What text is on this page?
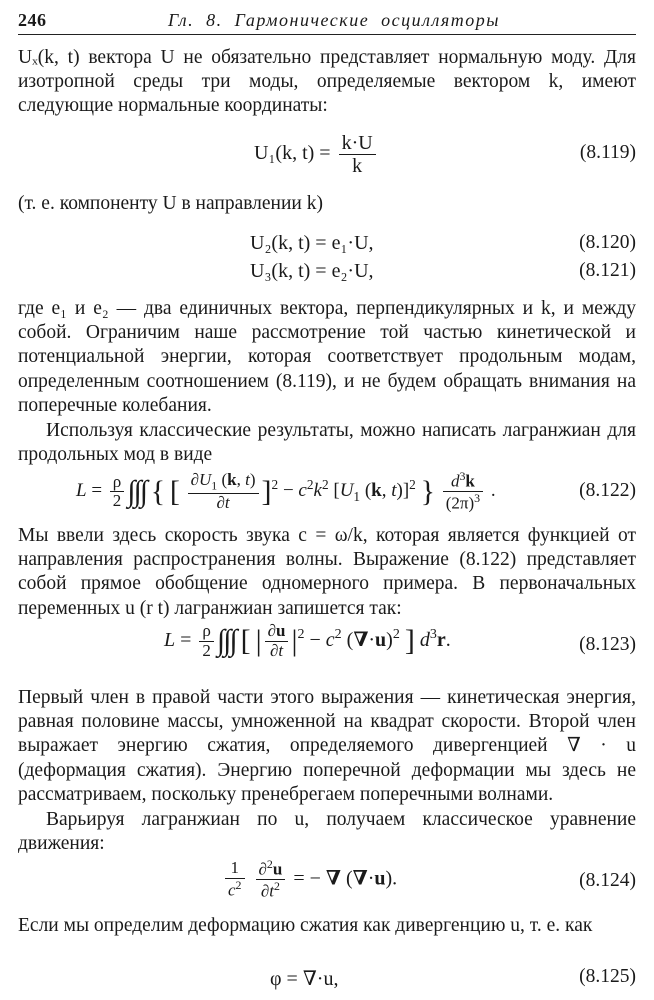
246	Гл. 8. Гармонические осцилляторы
Uₓ(k, t) вектора U не обязательно представляет нормальную моду. Для изотропной среды три моды, определяемые вектором k, имеют следующие нормальные координаты:
U₁(k, $t) = \frac{k\cdot U}{k}$	(8.119)
(т. е. компоненту U в направлении k)
U₂(k, t) = e₁·U,	(8.120)
U₃(k, t) = e₂·U,	(8.121)
где e₁ и e₂ — два единичных вектора, перпендикулярных и k, и между собой. Ограничим наше рассмотрение той частью кинетической и потенциальной энергии, которая соответствует продольным модам, определенным соотношением (8.119), и не будем обращать внимания на поперечные колебания.
Используя классические результаты, можно написать лагранжиан для продольных мод в виде
$L = \frac{\rho}{2}$ ∫∫∫ { [ $\frac{\partial U_1 (k, t)}{\partial t} ]^2 - c^2k^2$ [$U_1$ (k, t)]$^2$ } $\frac{d^3k}{(2\pi)^3}$ .	(8.122)
Мы ввели здесь скорость звука c = ω/k, которая является функцией от направления распространения волны. Выражение (8.122) представляет собой прямое обобщение одномерного примера. В первоначальных переменных u (r t) лагранжиан запишется так:
$L = \frac{\rho}{2}$ ∫∫∫ [ | $\frac{\partial u}{\partial t} |^2 - c^2$ $(\nabla\cdot u)^2$ ] $d^3r$.	(8.123)
Первый член в правой части этого выражения — кинетическая энергия, равная половине массы, умноженной на квадрат скорости. Второй член выражает энергию сжатия, определяемого дивергенцией ∇ · u (деформация сжатия). Энергию поперечной деформации мы здесь не рассматриваем, поскольку пренебрегаем поперечными волнами.
Варьируя лагранжиан по u, получаем классическое уравнение движения:
$\frac{1}{c^2}$
$\frac{\partial^2u}{\partial t^2}$ = − ∇ (∇·u).	(8.124)
Если мы определим деформацию сжатия как дивергенцию u, т. е. как
φ = ∇·u,	(8.125)
